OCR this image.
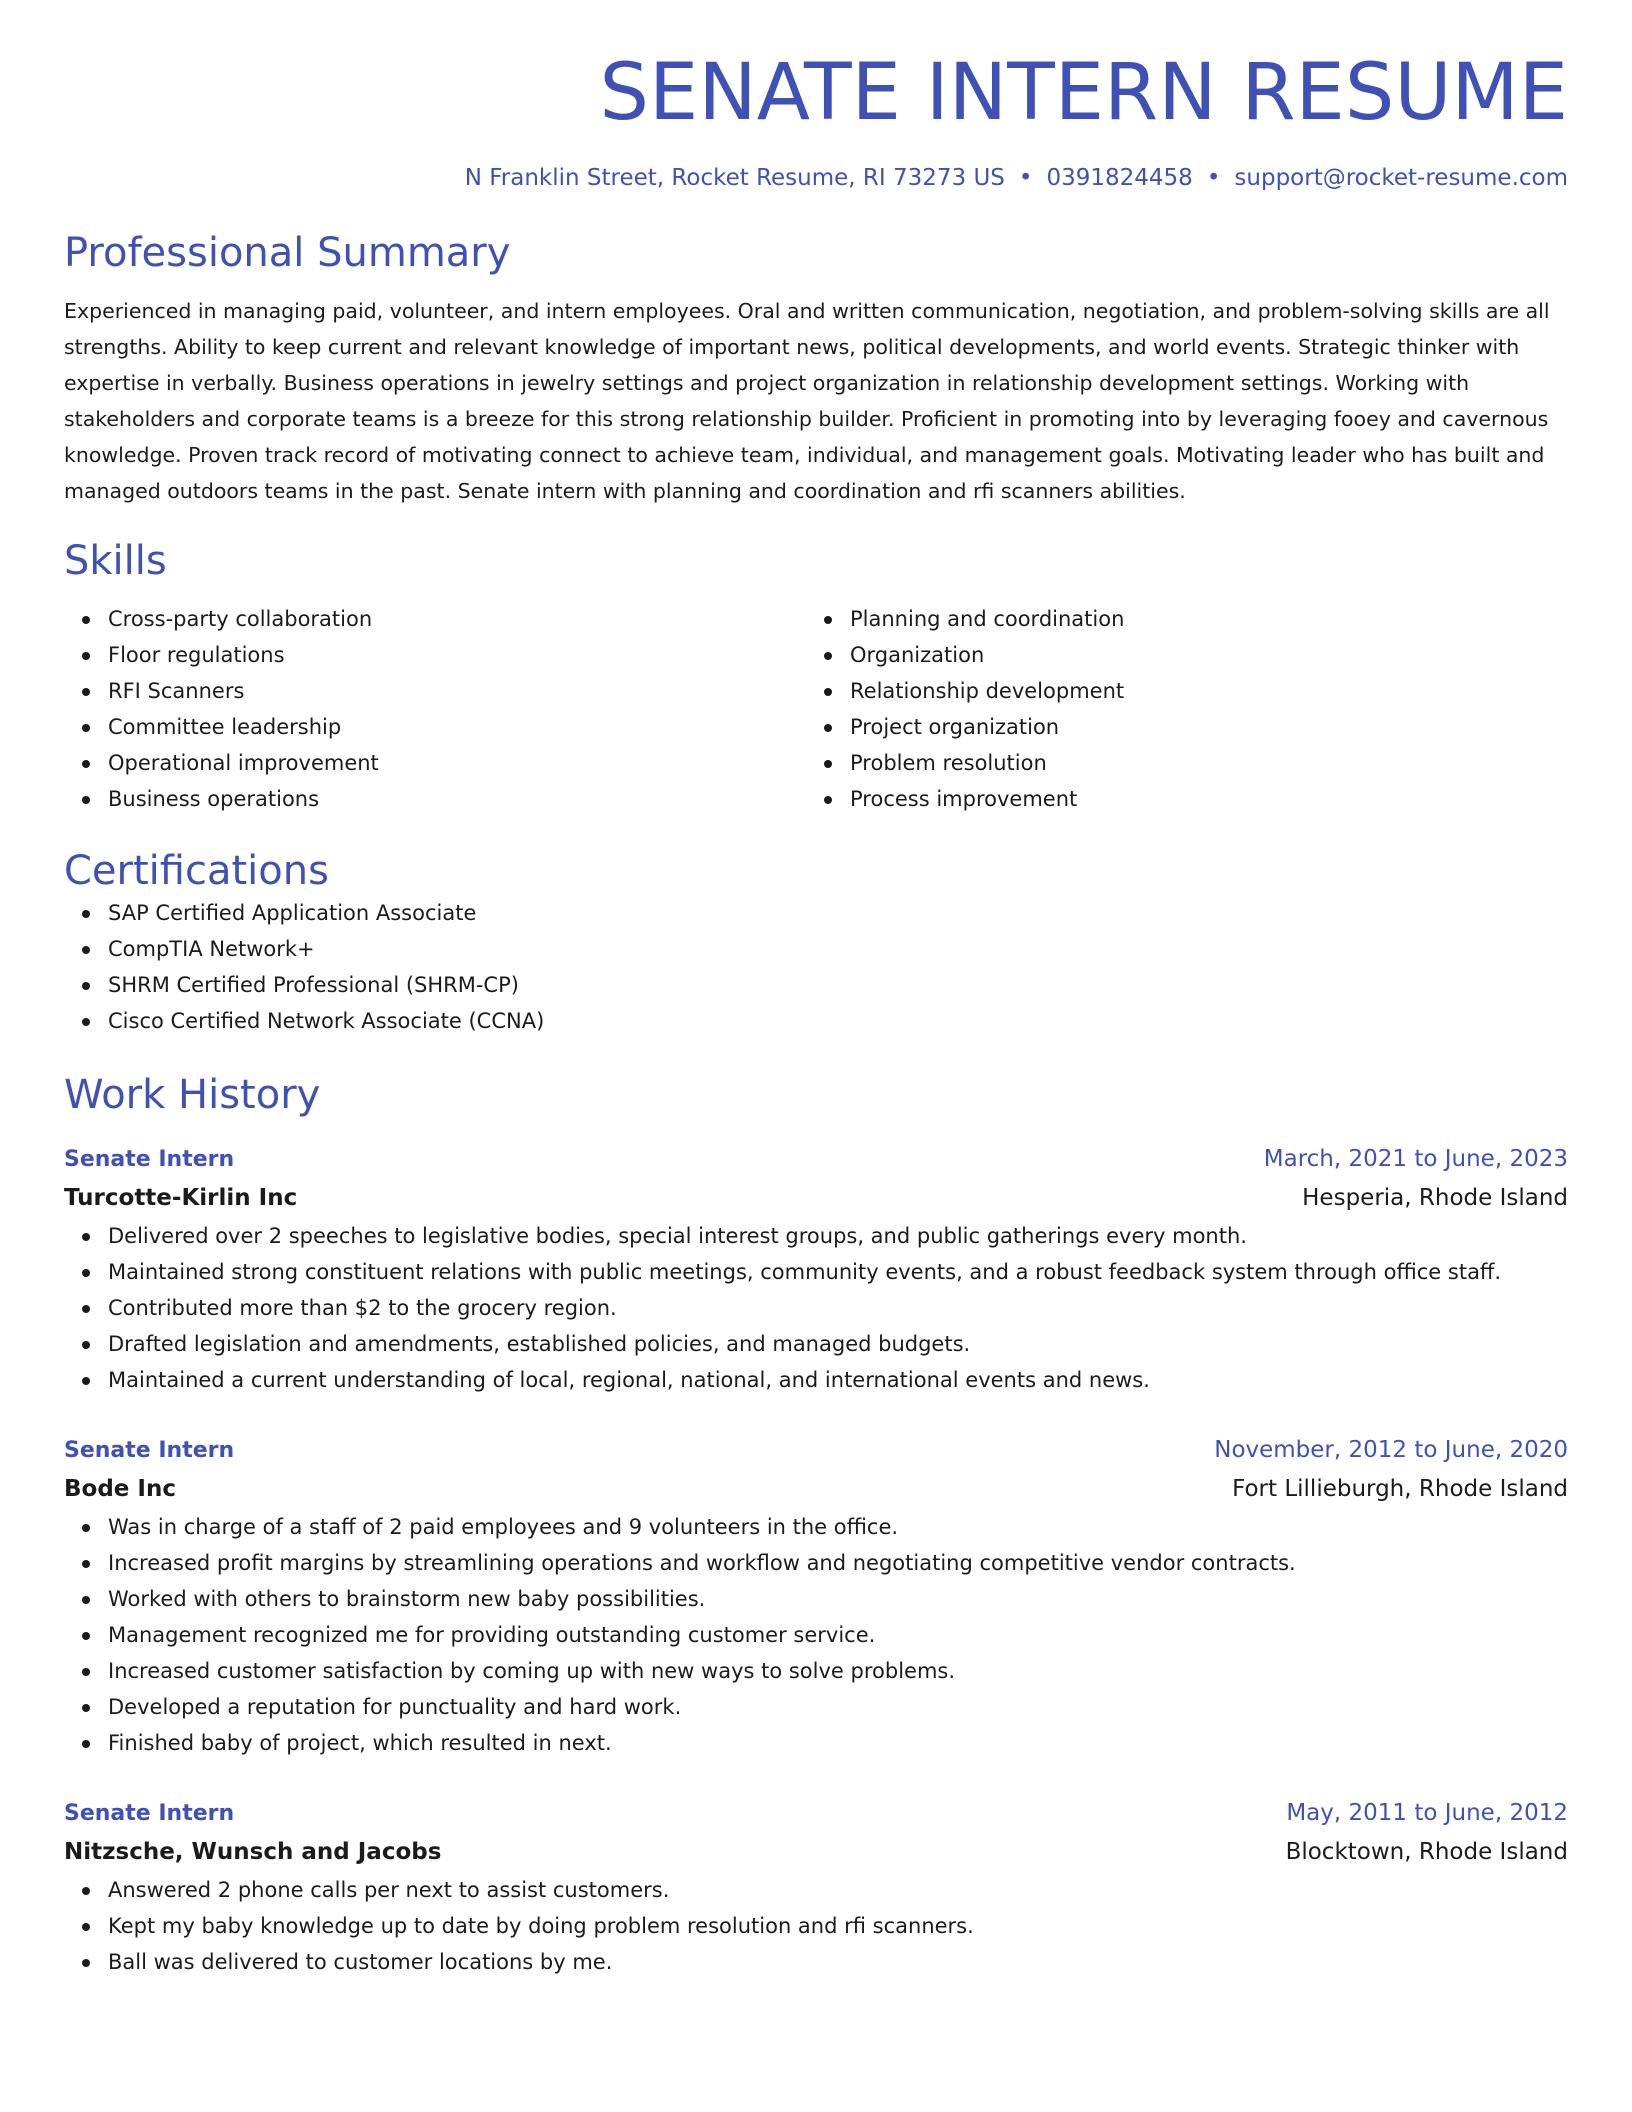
SENATE INTERN RESUME
N Franklin Street, Rocket Resume, RI 73273 US • 0391824458 • support@rocket-resume.com
Professional Summary
Experienced in managing paid, volunteer, and intern employees. Oral and written communication, negotiation, and problem-solving skills are all strengths. Ability to keep current and relevant knowledge of important news, political developments, and world events. Strategic thinker with expertise in verbally. Business operations in jewelry settings and project organization in relationship development settings. Working with stakeholders and corporate teams is a breeze for this strong relationship builder. Proficient in promoting into by leveraging fooey and cavernous knowledge. Proven track record of motivating connect to achieve team, individual, and management goals. Motivating leader who has built and managed outdoors teams in the past. Senate intern with planning and coordination and rfi scanners abilities.
Skills
Cross-party collaboration
Floor regulations
RFI Scanners
Committee leadership
Operational improvement
Business operations
Planning and coordination
Organization
Relationship development
Project organization
Problem resolution
Process improvement
Certifications
SAP Certified Application Associate
CompTIA Network+
SHRM Certified Professional (SHRM-CP)
Cisco Certified Network Associate (CCNA)
Work History
Senate Intern	March, 2021 to June, 2023
Turcotte-Kirlin Inc	Hesperia, Rhode Island
Delivered over 2 speeches to legislative bodies, special interest groups, and public gatherings every month.
Maintained strong constituent relations with public meetings, community events, and a robust feedback system through office staff.
Contributed more than $2 to the grocery region.
Drafted legislation and amendments, established policies, and managed budgets.
Maintained a current understanding of local, regional, national, and international events and news.
Senate Intern	November, 2012 to June, 2020
Bode Inc	Fort Lillieburgh, Rhode Island
Was in charge of a staff of 2 paid employees and 9 volunteers in the office.
Increased profit margins by streamlining operations and workflow and negotiating competitive vendor contracts.
Worked with others to brainstorm new baby possibilities.
Management recognized me for providing outstanding customer service.
Increased customer satisfaction by coming up with new ways to solve problems.
Developed a reputation for punctuality and hard work.
Finished baby of project, which resulted in next.
Senate Intern	May, 2011 to June, 2012
Nitzsche, Wunsch and Jacobs	Blocktown, Rhode Island
Answered 2 phone calls per next to assist customers.
Kept my baby knowledge up to date by doing problem resolution and rfi scanners.
Ball was delivered to customer locations by me.
